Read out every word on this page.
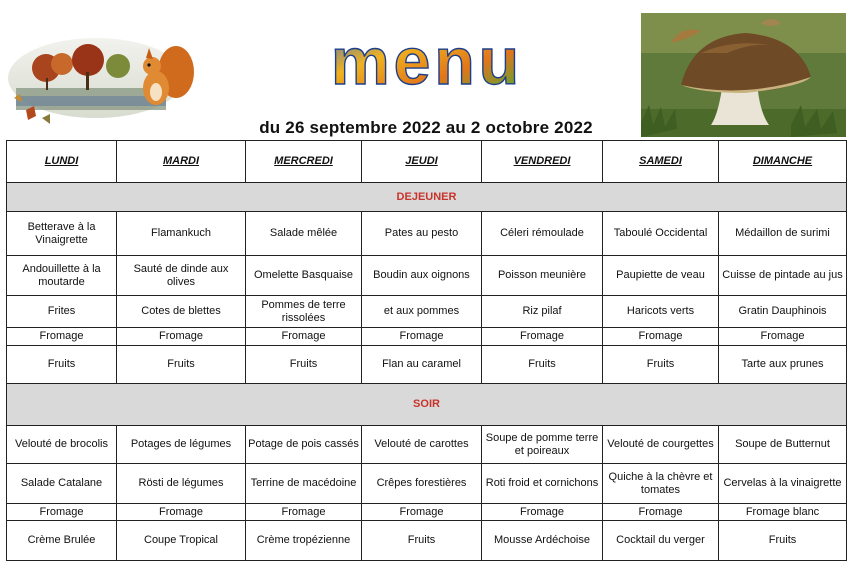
menu
du 26 septembre 2022 au 2 octobre 2022
LUNDI	MARDI	MERCREDI	JEUDI	VENDREDI	SAMEDI	DIMANCHE
DEJEUNER						
Betterave à la Vinaigrette	Flamankuch	Salade mêlée	Pates au pesto	Céleri rémoulade	Taboulé Occidental	Médaillon de surimi
Andouillette à la moutarde	Sauté de dinde aux olives	Omelette Basquaise	Boudin aux oignons	Poisson meunière	Paupiette de veau	Cuisse de pintade au jus
Frites	Cotes de blettes	Pommes de terre rissolées	et aux pommes	Riz pilaf	Haricots verts	Gratin Dauphinois
Fromage	Fromage	Fromage	Fromage	Fromage	Fromage	Fromage
Fruits	Fruits	Fruits	Flan au caramel	Fruits	Fruits	Tarte aux prunes
SOIR						
Velouté de brocolis	Potages de légumes	Potage de pois cassés	Velouté de carottes	Soupe de pomme terre et poireaux	Velouté de courgettes	Soupe de Butternut
Salade Catalane	Rösti de légumes	Terrine de macédoine	Crêpes forestières	Roti froid et cornichons	Quiche à la chèvre et tomates	Cervelas à la vinaigrette
Fromage	Fromage	Fromage	Fromage	Fromage	Fromage	Fromage blanc
Crème Brulée	Coupe Tropical	Crème tropézienne	Fruits	Mousse Ardéchoise	Cocktail du verger	Fruits
